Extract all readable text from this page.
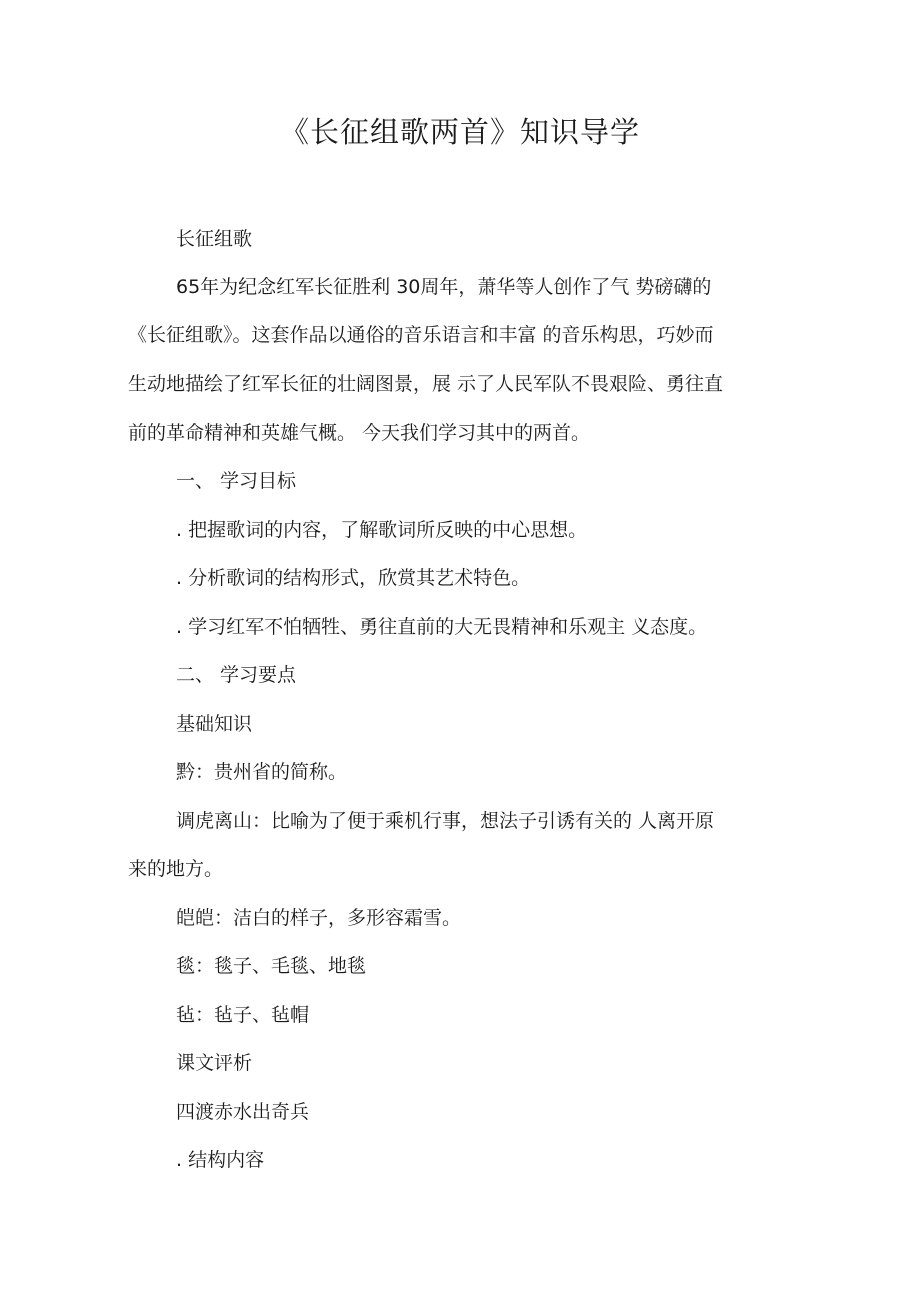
《长征组歌两首》知识导学
长征组歌
65年为纪念红军长征胜利 30周年，萧华等人创作了气 势磅礴的
《长征组歌》。这套作品以通俗的音乐语言和丰富 的音乐构思，巧妙而
生动地描绘了红军长征的壮阔图景，展 示了人民军队不畏艰险、勇往直
前的革命精神和英雄气概。 今天我们学习其中的两首。
一、 学习目标
. 把握歌词的内容，了解歌词所反映的中心思想。
. 分析歌词的结构形式，欣赏其艺术特色。
. 学习红军不怕牺牲、勇往直前的大无畏精神和乐观主 义态度。
二、 学习要点
基础知识
黔：贵州省的简称。
调虎离山：比喻为了便于乘机行事，想法子引诱有关的 人离开原
来的地方。
皑皑：洁白的样子，多形容霜雪。
毯：毯子、毛毯、地毯
毡：毡子、毡帽
课文评析
四渡赤水出奇兵
. 结构内容
